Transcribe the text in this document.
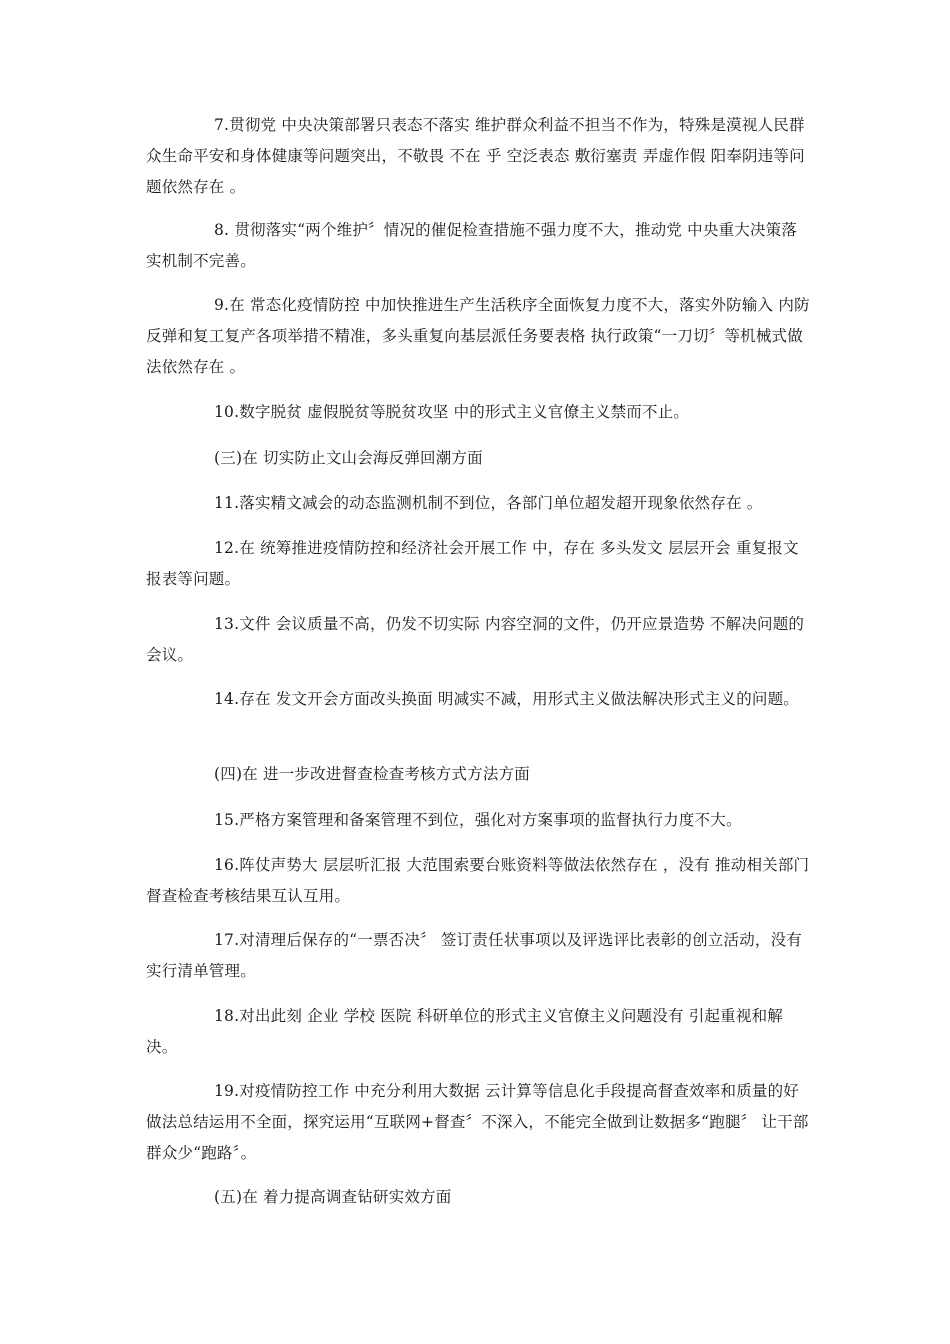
7.贯彻党 中央决策部署只表态不落实 维护群众利益不担当不作为，特殊是漠视人民群众生命平安和身体健康等问题突出，不敬畏 不在 乎 空泛表态 敷衍塞责 弄虚作假 阳奉阴违等问题依然存在 。

8. 贯彻落实“两个维护〞情况的催促检查措施不强力度不大，推动党 中央重大决策落实机制不完善。

9.在 常态化疫情防控 中加快推进生产生活秩序全面恢复力度不大，落实外防输入 内防反弹和复工复产各项举措不精准，多头重复向基层派任务要表格 执行政策“一刀切〞等机械式做法依然存在 。

10.数字脱贫 虚假脱贫等脱贫攻坚 中的形式主义官僚主义禁而不止。

(三)在 切实防止文山会海反弹回潮方面

11.落实精文减会的动态监测机制不到位，各部门单位超发超开现象依然存在 。

12.在 统筹推进疫情防控和经济社会开展工作 中，存在 多头发文 层层开会 重复报文报表等问题。

13.文件 会议质量不高，仍发不切实际 内容空洞的文件，仍开应景造势 不解决问题的会议。

14.存在 发文开会方面改头换面 明减实不减，用形式主义做法解决形式主义的问题。

(四)在 进一步改进督查检查考核方式方法方面

15.严格方案管理和备案管理不到位，强化对方案事项的监督执行力度不大。

16.阵仗声势大 层层听汇报 大范围索要台账资料等做法依然存在 ，没有 推动相关部门督查检查考核结果互认互用。

17.对清理后保存的“一票否决〞 签订责任状事项以及评选评比表彰的创立活动，没有 实行清单管理。

18.对出此刻 企业 学校 医院 科研单位的形式主义官僚主义问题没有 引起重视和解决。

19.对疫情防控工作 中充分利用大数据 云计算等信息化手段提高督查效率和质量的好做法总结运用不全面，探究运用“互联网+督查〞不深入，不能完全做到让数据多“跑腿〞 让干部群众少“跑路〞。

(五)在 着力提高调查钻研实效方面
